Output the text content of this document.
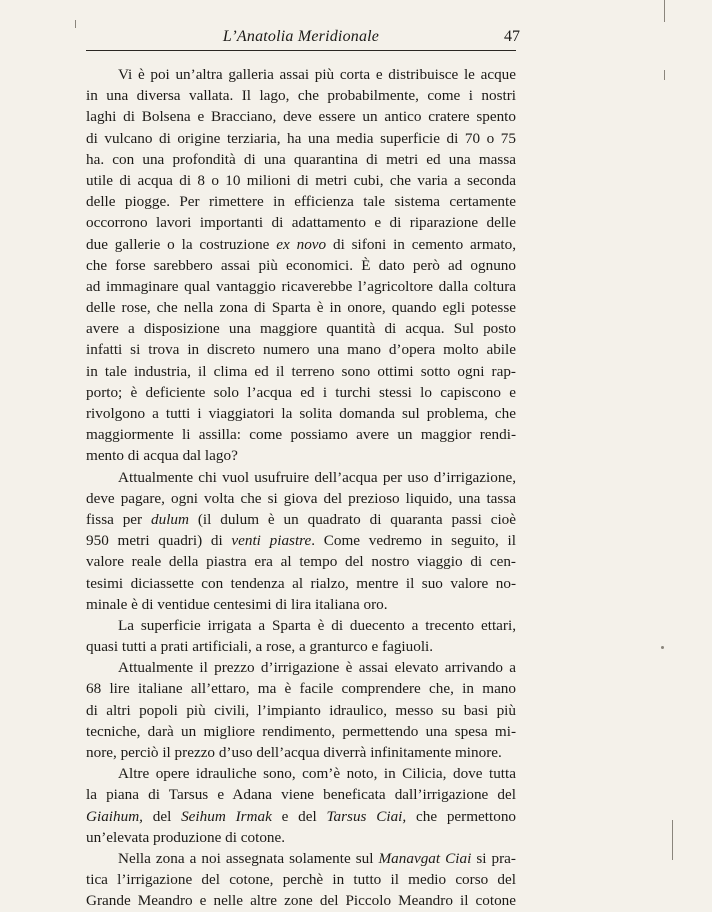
L’Anatolia Meridionale	47
Vi è poi un’altra galleria assai più corta e distribuisce le acque
in una diversa vallata. Il lago, che probabilmente, come i nostri
laghi di Bolsena e Bracciano, deve essere un antico cratere spento
di vulcano di origine terziaria, ha una media superficie di 70 o 75
ha. con una profondità di una quarantina di metri ed una massa
utile di acqua di 8 o 10 milioni di metri cubi, che varia a seconda
delle piogge. Per rimettere in efficienza tale sistema certamente
occorrono lavori importanti di adattamento e di riparazione delle
due gallerie o la costruzione ex novo di sifoni in cemento armato,
che forse sarebbero assai più economici. È dato però ad ognuno
ad immaginare qual vantaggio ricaverebbe l’agricoltore dalla coltura
delle rose, che nella zona di Sparta è in onore, quando egli potesse
avere a disposizione una maggiore quantità di acqua. Sul posto
infatti si trova in discreto numero una mano d’opera molto abile
in tale industria, il clima ed il terreno sono ottimi sotto ogni rap-
porto; è deficiente solo l’acqua ed i turchi stessi lo capiscono e
rivolgono a tutti i viaggiatori la solita domanda sul problema, che
maggiormente li assilla: come possiamo avere un maggior rendi-
mento di acqua dal lago?
Attualmente chi vuol usufruire dell’acqua per uso d’irrigazione,
deve pagare, ogni volta che si giova del prezioso liquido, una tassa
fissa per dulum (il dulum è un quadrato di quaranta passi cioè
950 metri quadri) di venti piastre. Come vedremo in seguito, il
valore reale della piastra era al tempo del nostro viaggio di cen-
tesimi diciassette con tendenza al rialzo, mentre il suo valore no-
minale è di ventidue centesimi di lira italiana oro.
La superficie irrigata a Sparta è di duecento a trecento ettari,
quasi tutti a prati artificiali, a rose, a granturco e fagiuoli.
Attualmente il prezzo d’irrigazione è assai elevato arrivando a
68 lire italiane all’ettaro, ma è facile comprendere che, in mano
di altri popoli più civili, l’impianto idraulico, messo su basi più
tecniche, darà un migliore rendimento, permettendo una spesa mi-
nore, perciò il prezzo d’uso dell’acqua diverrà infinitamente minore.
Altre opere idrauliche sono, com’è noto, in Cilicia, dove tutta
la piana di Tarsus e Adana viene beneficata dall’irrigazione del
Giaihum, del Seihum Irmak e del Tarsus Ciai, che permettono
un’elevata produzione di cotone.
Nella zona a noi assegnata solamente sul Manavgat Ciai si pra-
tica l’irrigazione del cotone, perchè in tutto il medio corso del
Grande Meandro e nelle altre zone del Piccolo Meandro il cotone
